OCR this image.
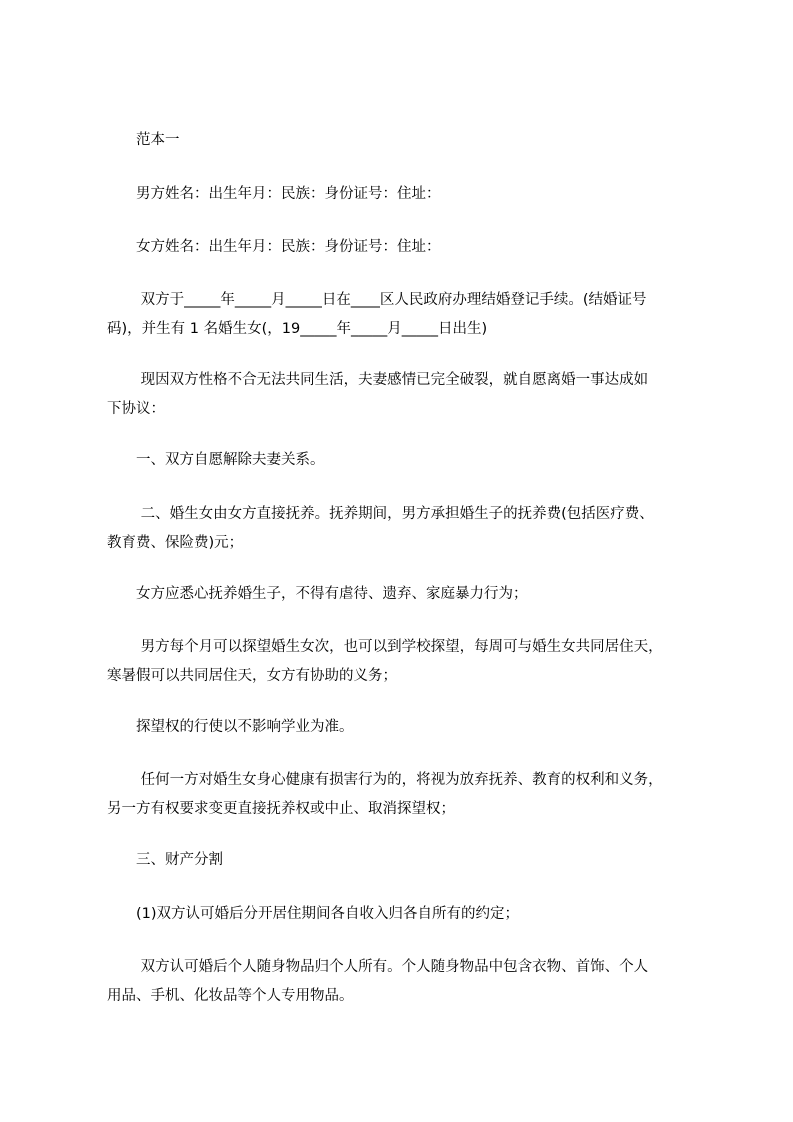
　　范本一

　　男方姓名：出生年月：民族：身份证号：住址：

　　女方姓名：出生年月：民族：身份证号：住址：

　　 双方于_____年_____月_____日在____区人民政府办理结婚登记手续。(结婚证号
码)，并生有 1 名婚生女(，19_____年_____月_____日出生)

　　 现因双方性格不合无法共同生活，夫妻感情已完全破裂，就自愿离婚一事达成如
下协议：

　　一、双方自愿解除夫妻关系。

　　 二、婚生女由女方直接抚养。抚养期间，男方承担婚生子的抚养费(包括医疗费、
教育费、保险费)元；

　　女方应悉心抚养婚生子，不得有虐待、遗弃、家庭暴力行为；

　　 男方每个月可以探望婚生女次，也可以到学校探望，每周可与婚生女共同居住天，
寒暑假可以共同居住天，女方有协助的义务；

　　探望权的行使以不影响学业为准。

　　 任何一方对婚生女身心健康有损害行为的，将视为放弃抚养、教育的权利和义务，
另一方有权要求变更直接抚养权或中止、取消探望权；

　　三、财产分割

　　(1)双方认可婚后分开居住期间各自收入归各自所有的约定；

　　 双方认可婚后个人随身物品归个人所有。个人随身物品中包含衣物、首饰、个人
用品、手机、化妆品等个人专用物品。
